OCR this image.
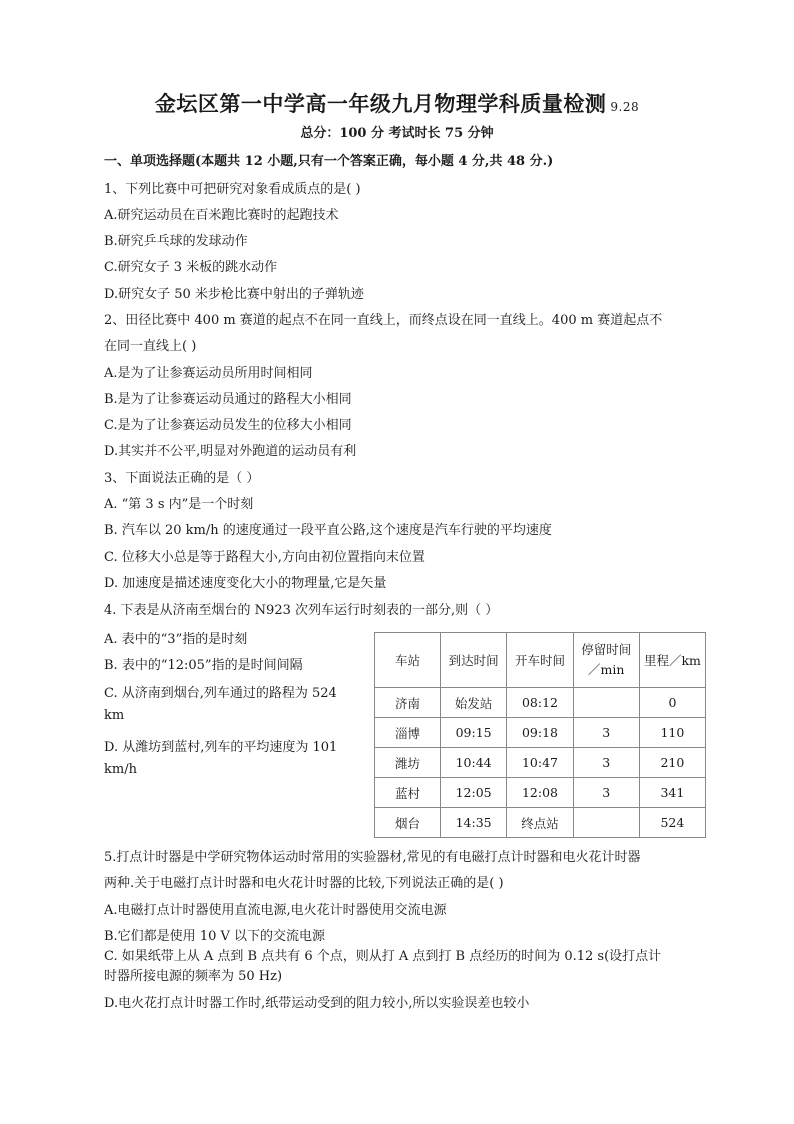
金坛区第一中学高一年级九月物理学科质量检测 9.28
总分：100 分 考试时长 75 分钟
一、单项选择题(本题共 12 小题,只有一个答案正确，每小题 4 分,共 48 分.)
1、下列比赛中可把研究对象看成质点的是( )
A.研究运动员在百米跑比赛时的起跑技术
B.研究乒乓球的发球动作
C.研究女子 3 米板的跳水动作
D.研究女子 50 米步枪比赛中射出的子弹轨迹
2、田径比赛中 400 m 赛道的起点不在同一直线上，而终点设在同一直线上。400 m 赛道起点不
在同一直线上( )
A.是为了让参赛运动员所用时间相同
B.是为了让参赛运动员通过的路程大小相同
C.是为了让参赛运动员发生的位移大小相同
D.其实并不公平,明显对外跑道的运动员有利
3、下面说法正确的是（ ）
A. “第 3 s 内”是一个时刻
B. 汽车以 20 km/h 的速度通过一段平直公路,这个速度是汽车行驶的平均速度
C. 位移大小总是等于路程大小,方向由初位置指向末位置
D. 加速度是描述速度变化大小的物理量,它是矢量
4. 下表是从济南至烟台的 N923 次列车运行时刻表的一部分,则（ ）
A. 表中的“3”指的是时刻
B. 表中的“12:05”指的是时间间隔
C. 从济南到烟台,列车通过的路程为 524
km
D. 从潍坊到蓝村,列车的平均速度为 101
km/h
车站	到达时间	开车时间	停留时间
／min	里程／km
济南	始发站	08:12		0
淄博	09:15	09:18	3	110
潍坊	10:44	10:47	3	210
蓝村	12:05	12:08	3	341
烟台	14:35	终点站		524
5.打点计时器是中学研究物体运动时常用的实验器材,常见的有电磁打点计时器和电火花计时器
两种.关于电磁打点计时器和电火花计时器的比较,下列说法正确的是( )
A.电磁打点计时器使用直流电源,电火花计时器使用交流电源
B.它们都是使用 10 V 以下的交流电源
C. 如果纸带上从 A 点到 B 点共有 6 个点，则从打 A 点到打 B 点经历的时间为 0.12 s(设打点计
时器所接电源的频率为 50 Hz)
D.电火花打点计时器工作时,纸带运动受到的阻力较小,所以实验误差也较小
